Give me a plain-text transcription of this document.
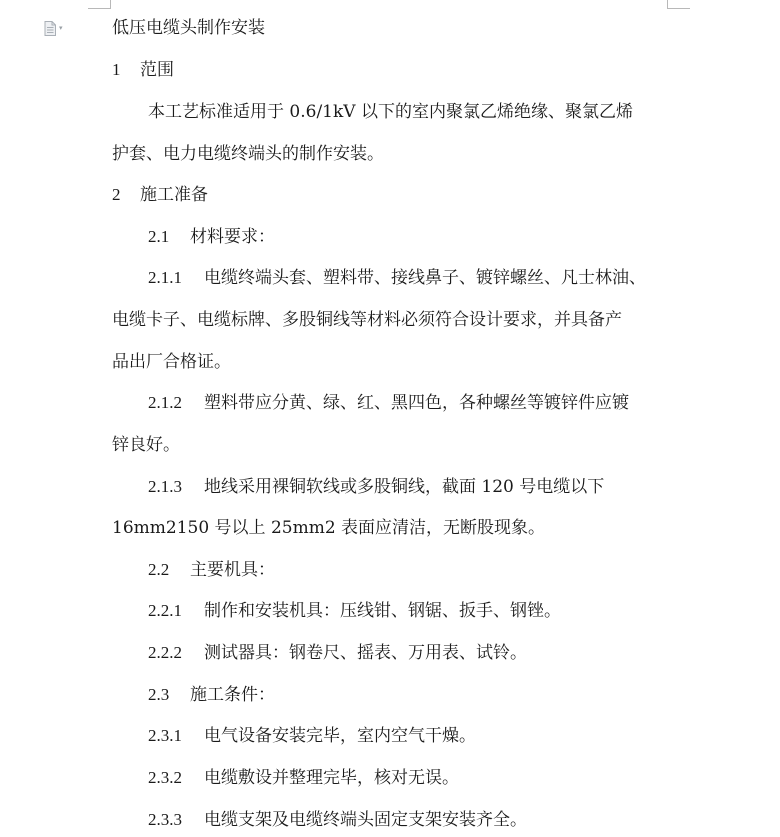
▾	低压电缆头制作安装
1 范围
本工艺标准适用于 0.6/1kV 以下的室内聚氯乙烯绝缘、聚氯乙烯
护套、电力电缆终端头的制作安装。
2 施工准备
2.1 材料要求：
2.1.1 电缆终端头套、塑料带、接线鼻子、镀锌螺丝、凡士林油、
电缆卡子、电缆标牌、多股铜线等材料必须符合设计要求，并具备产
品出厂合格证。
2.1.2 塑料带应分黄、绿、红、黑四色，各种螺丝等镀锌件应镀
锌良好。
2.1.3 地线采用裸铜软线或多股铜线，截面 120 号电缆以下
16mm2150 号以上 25mm2 表面应清洁，无断股现象。
2.2 主要机具：
2.2.1 制作和安装机具：压线钳、钢锯、扳手、钢锉。
2.2.2 测试器具：钢卷尺、摇表、万用表、试铃。
2.3 施工条件：
2.3.1 电气设备安装完毕，室内空气干燥。
2.3.2 电缆敷设并整理完毕，核对无误。
2.3.3 电缆支架及电缆终端头固定支架安装齐全。
